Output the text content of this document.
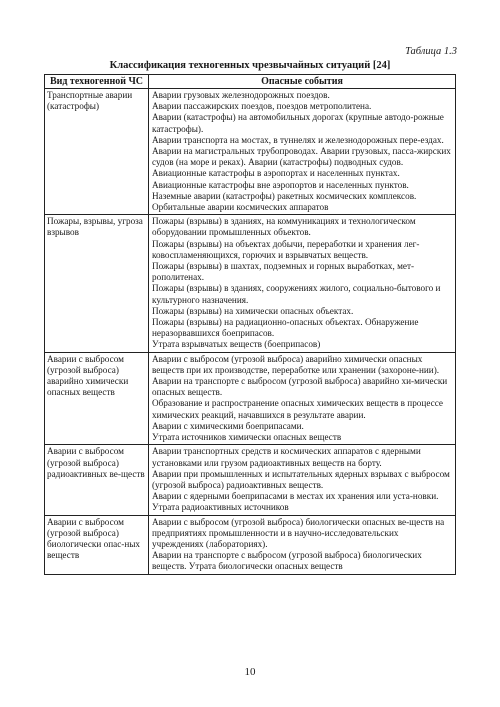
Таблица 1.3
Классификация техногенных чрезвычайных ситуаций [24]
Вид техногенной ЧС	Опасные события
Транспортные аварии (катастрофы)
Аварии грузовых железнодорожных поездов.
Аварии пассажирских поездов, поездов метрополитена.
Аварии (катастрофы) на автомобильных дорогах (крупные автодо-рожные катастрофы).
Аварии транспорта на мостах, в туннелях и железнодорожных пере-ездах.
Аварии на магистральных трубопроводах. Аварии грузовых, пасса-жирских судов (на море и реках). Аварии (катастрофы) подводных судов.
Авиационные катастрофы в аэропортах и населенных пунктах.
Авиационные катастрофы вне аэропортов и населенных пунктов.
Наземные аварии (катастрофы) ракетных космических комплексов.
Орбитальные аварии космических аппаратов
Пожары, взрывы, угроза взрывов
Пожары (взрывы) в зданиях, на коммуникациях и технологическом оборудовании промышленных объектов.
Пожары (взрывы) на объектах добычи, переработки и хранения лег-ковоспламеняющихся, горючих и взрывчатых веществ.
Пожары (взрывы) в шахтах, подземных и горных выработках, мет-рополитенах.
Пожары (взрывы) в зданиях, сооружениях жилого, социально-бытового и культурного назначения.
Пожары (взрывы) на химически опасных объектах.
Пожары (взрывы) на радиационно-опасных объектах. Обнаружение неразорвавшихся боеприпасов.
Утрата взрывчатых веществ (боеприпасов)
Аварии с выбросом (угрозой выброса) аварийно химически опасных веществ
Аварии с выбросом (угрозой выброса) аварийно химически опасных веществ при их производстве, переработке или хранении (захороне-нии).
Аварии на транспорте с выбросом (угрозой выброса) аварийно хи-мически опасных веществ.
Образование и распространение опасных химических веществ в процессе химических реакций, начавшихся в результате аварии.
Аварии с химическими боеприпасами.
Утрата источников химически опасных веществ
Аварии с выбросом (угрозой выброса) радиоактивных ве-ществ
Аварии транспортных средств и космических аппаратов с ядерными установками или грузом радиоактивных веществ на борту.
Аварии при промышленных и испытательных ядерных взрывах с выбросом (угрозой выброса) радиоактивных веществ.
Аварии с ядерными боеприпасами в местах их хранения или уста-новки. Утрата радиоактивных источников
Аварии с выбросом (угрозой выброса) биологически опас-ных веществ
Аварии с выбросом (угрозой выброса) биологически опасных ве-ществ на предприятиях промышленности и в научно-исследовательских учреждениях (лабораториях).
Аварии на транспорте с выбросом (угрозой выброса) биологических веществ. Утрата биологически опасных веществ
10
